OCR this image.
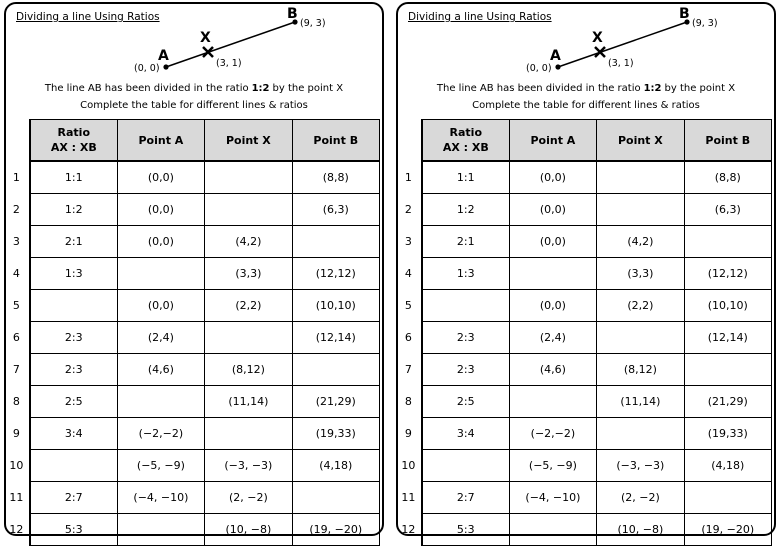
Dividing a line Using Ratios
A
(0, 0)
X
(3, 1)
B
(9, 3)
The line AB has been divided in the ratio 1:2 by the point X
Complete the table for different lines & ratios
	Ratio
AX : XB	Point A	Point X	Point B
1	1:1	(0,0)		(8,8)
2	1:2	(0,0)		(6,3)
3	2:1	(0,0)	(4,2)	
4	1:3		(3,3)	(12,12)
5		(0,0)	(2,2)	(10,10)
6	2:3	(2,4)		(12,14)
7	2:3	(4,6)	(8,12)	
8	2:5		(11,14)	(21,29)
9	3:4	(−2,−2)		(19,33)
10		(−5, −9)	(−3, −3)	(4,18)
11	2:7	(−4, −10)	(2, −2)	
12	5:3		(10, −8)	(19, −20)
Dividing a line Using Ratios
A
(0, 0)
X
(3, 1)
B
(9, 3)
The line AB has been divided in the ratio 1:2 by the point X
Complete the table for different lines & ratios
	Ratio
AX : XB	Point A	Point X	Point B
1	1:1	(0,0)		(8,8)
2	1:2	(0,0)		(6,3)
3	2:1	(0,0)	(4,2)	
4	1:3		(3,3)	(12,12)
5		(0,0)	(2,2)	(10,10)
6	2:3	(2,4)		(12,14)
7	2:3	(4,6)	(8,12)	
8	2:5		(11,14)	(21,29)
9	3:4	(−2,−2)		(19,33)
10		(−5, −9)	(−3, −3)	(4,18)
11	2:7	(−4, −10)	(2, −2)	
12	5:3		(10, −8)	(19, −20)
